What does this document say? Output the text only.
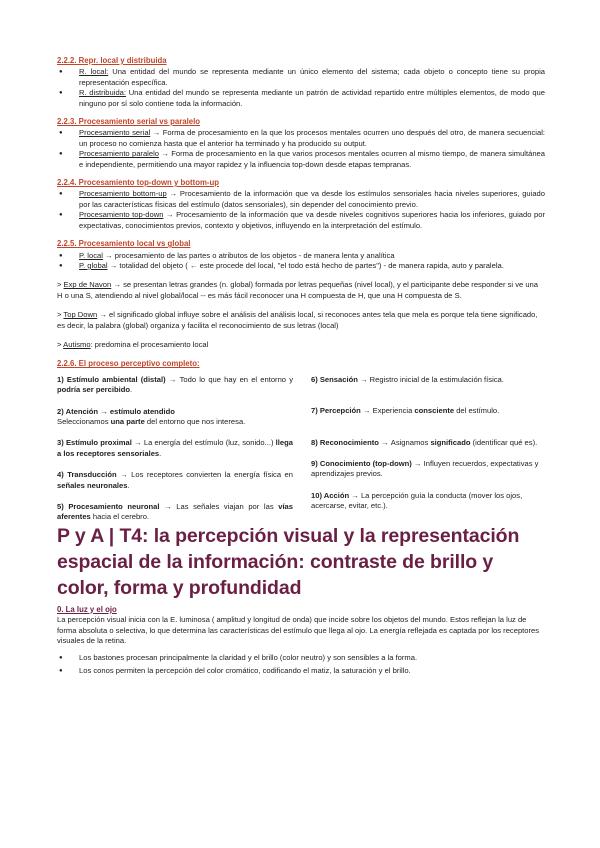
2.2.2. Repr. local y distribuida
● R. local: Una entidad del mundo se representa mediante un único elemento del sistema; cada objeto o concepto tiene su propia representación específica.
● R. distribuida: Una entidad del mundo se representa mediante un patrón de actividad repartido entre múltiples elementos, de modo que ninguno por sí solo contiene toda la información.
2.2.3. Procesamiento serial vs paralelo
● Procesamiento serial → Forma de procesamiento en la que los procesos mentales ocurren uno después del otro, de manera secuencial: un proceso no comienza hasta que el anterior ha terminado y ha producido su output.
● Procesamiento paralelo → Forma de procesamiento en la que varios procesos mentales ocurren al mismo tiempo, de manera simultánea e independiente, permitiendo una mayor rapidez y la influencia top-down desde etapas tempranas.
2.2.4. Procesamiento top-down y bottom-up
● Procesamiento bottom-up → Procesamiento de la información que va desde los estímulos sensoriales hacia niveles superiores, guiado por las características físicas del estímulo (datos sensoriales), sin depender del conocimiento previo.
● Procesamiento top-down → Procesamiento de la información que va desde niveles cognitivos superiores hacia los inferiores, guiado por expectativas, conocimientos previos, contexto y objetivos, influyendo en la interpretación del estímulo.
2.2.5. Procesamiento local vs global
● P. local → procesamiento de las partes o atributos de los objetos - de manera lenta y analítica
● P. global → totalidad del objeto ( ← este procede del local, "el todo está hecho de partes") - de manera rapida, auto y paralela.

> Exp de Navon → se presentan letras grandes (n. global) formada por letras pequeñas (nivel local), y el participante debe responder si ve una H o una S, atendiendo al nivel global/local -- es más fácil reconocer una H compuesta de H, que una H compuesta de S.

> Top Down → el significado global influye sobre el análisis del análisis local, si reconoces antes tela que mela es porque tela tiene significado, es decir, la palabra (global) organiza y facilita el reconocimiento de sus letras (local)

> Autismo: predomina el procesamiento local

2.2.6. El proceso perceptivo completo:
1) Estímulo ambiental (distal) → Todo lo que hay en el entorno y podría ser percibido.
2) Atención → estímulo atendido
Seleccionamos una parte del entorno que nos interesa.
3) Estímulo proximal → La energía del estímulo (luz, sonido...) llega a los receptores sensoriales.
4) Transducción → Los receptores convierten la energía física en señales neuronales.
5) Procesamiento neuronal → Las señales viajan por las vías aferentes hacia el cerebro.
6) Sensación → Registro inicial de la estimulación física.
7) Percepción → Experiencia consciente del estímulo.
8) Reconocimiento → Asignamos significado (identificar qué es).
9) Conocimiento (top-down) → Influyen recuerdos, expectativas y aprendizajes previos.
10) Acción → La percepción guía la conducta (mover los ojos, acercarse, evitar, etc.).
P y A | T4: la percepción visual y la representación espacial de la información: contraste de brillo y color, forma y profundidad
0. La luz y el ojo

La percepción visual inicia con la E. luminosa ( amplitud y longitud de onda) que incide sobre los objetos del mundo. Estos reflejan la luz de forma absoluta o selectiva, lo que determina las características del estímulo que llega al ojo. La energía reflejada es captada por los receptores visuales de la retina.

● Los bastones procesan principalmente la claridad y el brillo (color neutro) y son sensibles a la forma.
● Los conos permiten la percepción del color cromático, codificando el matiz, la saturación y el brillo.
